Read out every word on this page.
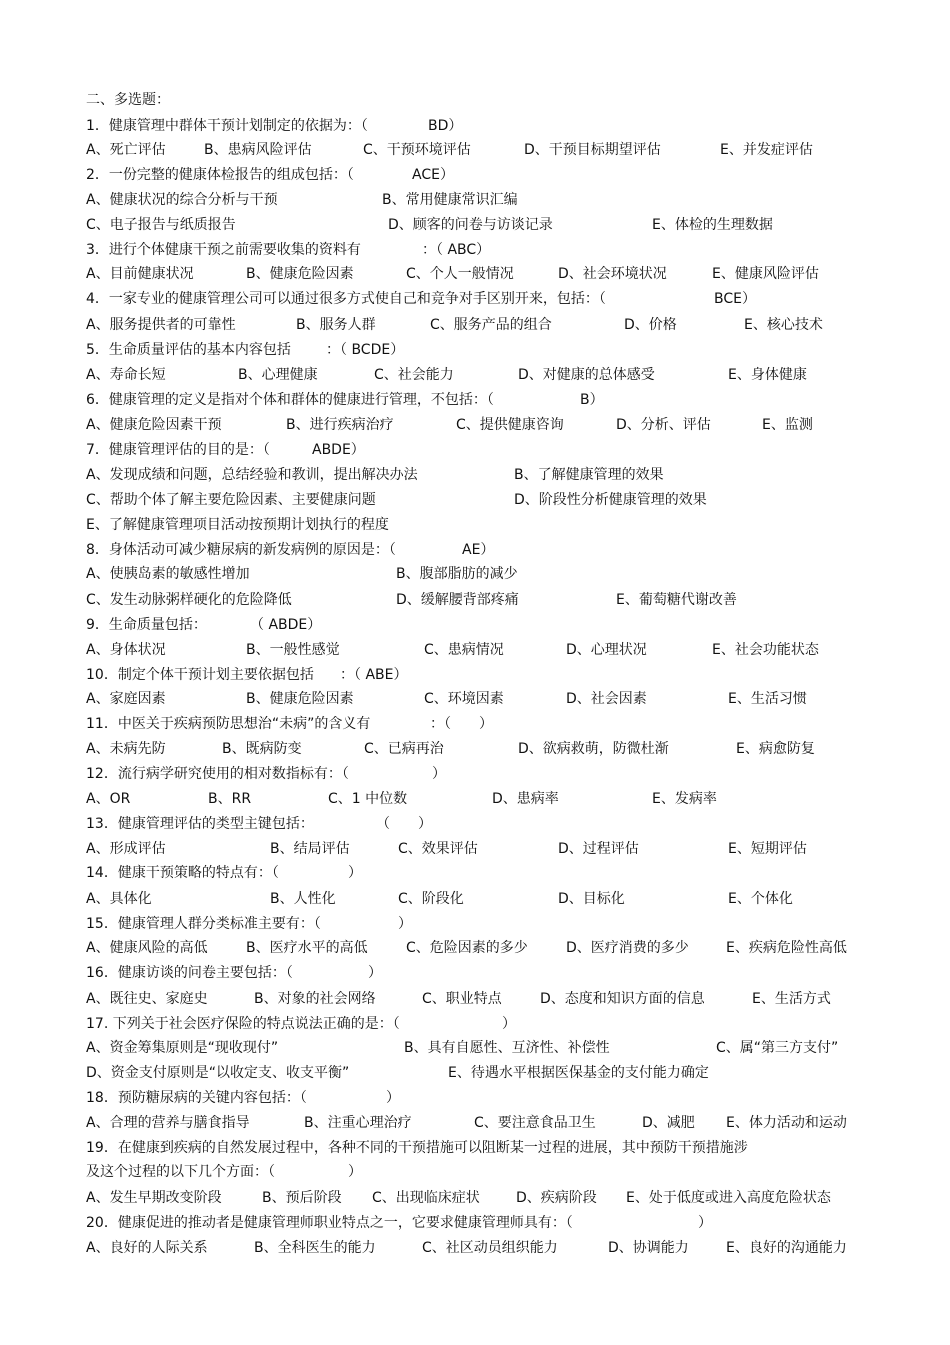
二、多选题：
1．健康管理中群体干预计划制定的依据为：（	BD）
A、死亡评估	B、患病风险评估	C、干预环境评估	D、干预目标期望评估	E、并发症评估
2．一份完整的健康体检报告的组成包括：（	ACE）
A、健康状况的综合分析与干预	B、常用健康常识汇编
C、电子报告与纸质报告	D、顾客的问卷与访谈记录	E、体检的生理数据
3．进行个体健康干预之前需要收集的资料有	：（ ABC）
A、目前健康状况	B、健康危险因素	C、个人一般情况	D、社会环境状况	E、健康风险评估
4．一家专业的健康管理公司可以通过很多方式使自己和竞争对手区别开来，包括：（	BCE）
A、服务提供者的可靠性	B、服务人群	C、服务产品的组合	D、价格	E、核心技术
5．生命质量评估的基本内容包括	：（ BCDE）
A、寿命长短	B、心理健康	C、社会能力	D、对健康的总体感受	E、身体健康
6．健康管理的定义是指对个体和群体的健康进行管理，不包括：（	B）
A、健康危险因素干预	B、进行疾病治疗	C、提供健康咨询	D、分析、评估	E、监测
7．健康管理评估的目的是：（	ABDE）
A、发现成绩和问题，总结经验和教训，提出解决办法	B、了解健康管理的效果
C、帮助个体了解主要危险因素、主要健康问题	D、阶段性分析健康管理的效果
E、了解健康管理项目活动按预期计划执行的程度
8．身体活动可减少糖尿病的新发病例的原因是：（	AE）
A、使胰岛素的敏感性增加	B、腹部脂肪的减少
C、发生动脉粥样硬化的危险降低	D、缓解腰背部疼痛	E、葡萄糖代谢改善
9．生命质量包括：	（ ABDE）
A、身体状况	B、一般性感觉	C、患病情况	D、心理状况	E、社会功能状态
10．制定个体干预计划主要依据包括 ：（ ABE）
A、家庭因素	B、健康危险因素	C、环境因素	D、社会因素	E、生活习惯
11．中医关于疾病预防思想治“未病”的含义有	：（　　）
A、未病先防	B、既病防变	C、已病再治	D、欲病救萌，防微杜渐	E、病愈防复
12．流行病学研究使用的相对数指标有：（	）
A、OR	B、RR	C、1 中位数	D、患病率	E、发病率
13．健康管理评估的类型主键包括：	（　　）
A、形成评估	B、结局评估	C、效果评估	D、过程评估	E、短期评估
14．健康干预策略的特点有：（	）
A、具体化	B、人性化	C、阶段化	D、目标化	E、个体化
15．健康管理人群分类标准主要有：（	）
A、健康风险的高低	B、医疗水平的高低	C、危险因素的多少	D、医疗消费的多少	E、疾病危险性高低
16．健康访谈的问卷主要包括：（	）
A、既往史、家庭史	B、对象的社会网络	C、职业特点	D、态度和知识方面的信息	E、生活方式
17. 下列关于社会医疗保险的特点说法正确的是：（	）
A、资金筹集原则是“现收现付”	B、具有自愿性、互济性、补偿性	C、属“第三方支付”
D、资金支付原则是“以收定支、收支平衡”	E、待遇水平根据医保基金的支付能力确定
18．预防糖尿病的关键内容包括：（	）
A、合理的营养与膳食指导	B、注重心理治疗	C、要注意食品卫生	D、减肥 E、体力活动和运动
19．在健康到疾病的自然发展过程中，各种不同的干预措施可以阻断某一过程的进展，其中预防干预措施涉
及这个过程的以下几个方面：（	）
A、发生早期改变阶段	B、预后阶段 C、出现临床症状	D、疾病阶段 E、处于低度或进入高度危险状态
20．健康促进的推动者是健康管理师职业特点之一，它要求健康管理师具有：（	）
A、良好的人际关系	B、全科医生的能力	C、社区动员组织能力	D、协调能力	E、良好的沟通能力
